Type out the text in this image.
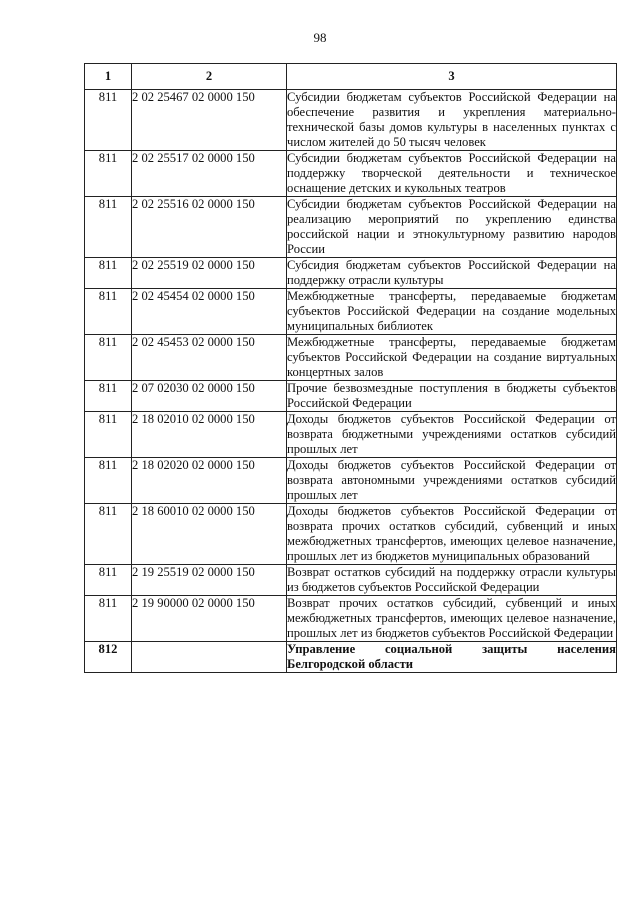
98
1	2	3
811	2 02 25467 02 0000 150	Субсидии бюджетам субъектов Российской Федерации на обеспечение развития и укрепления материально-технической базы домов культуры в населенных пунктах с числом жителей до 50 тысяч человек
811	2 02 25517 02 0000 150	Субсидии бюджетам субъектов Российской Федерации на поддержку творческой деятельности и техническое оснащение детских и кукольных театров
811	2 02 25516 02 0000 150	Субсидии бюджетам субъектов Российской Федерации на реализацию мероприятий по укреплению единства российской нации и этнокультурному развитию народов России
811	2 02 25519 02 0000 150	Субсидия бюджетам субъектов Российской Федерации на поддержку отрасли культуры
811	2 02 45454 02 0000 150	Межбюджетные трансферты, передаваемые бюджетам субъектов Российской Федерации на создание модельных муниципальных библиотек
811	2 02 45453 02 0000 150	Межбюджетные трансферты, передаваемые бюджетам субъектов Российской Федерации на создание виртуальных концертных залов
811	2 07 02030 02 0000 150	Прочие безвозмездные поступления в бюджеты субъектов Российской Федерации
811	2 18 02010 02 0000 150	Доходы бюджетов субъектов Российской Федерации от возврата бюджетными учреждениями остатков субсидий прошлых лет
811	2 18 02020 02 0000 150	Доходы бюджетов субъектов Российской Федерации от возврата автономными учреждениями остатков субсидий прошлых лет
811	2 18 60010 02 0000 150	Доходы бюджетов субъектов Российской Федерации от возврата прочих остатков субсидий, субвенций и иных межбюджетных трансфертов, имеющих целевое назначение, прошлых лет из бюджетов муниципальных образований
811	2 19 25519 02 0000 150	Возврат остатков субсидий на поддержку отрасли культуры из бюджетов субъектов Российской Федерации
811	2 19 90000 02 0000 150	Возврат прочих остатков субсидий, субвенций и иных межбюджетных трансфертов, имеющих целевое назначение, прошлых лет из бюджетов субъектов Российской Федерации
812		Управление социальной защиты населения Белгородской области
